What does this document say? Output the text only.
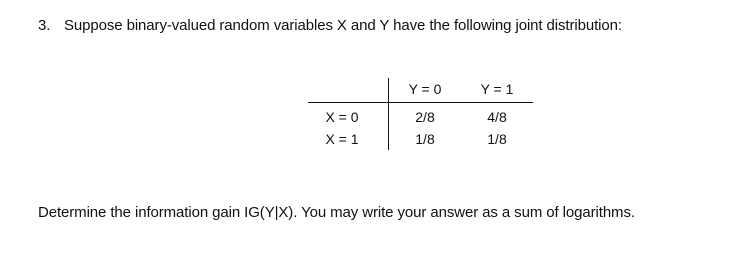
3. Suppose binary-valued random variables X and Y have the following joint distribution:
	Y = 0	Y = 1
X = 0	2/8	4/8
X = 1	1/8	1/8
Determine the information gain IG(Y|X). You may write your answer as a sum of logarithms.
